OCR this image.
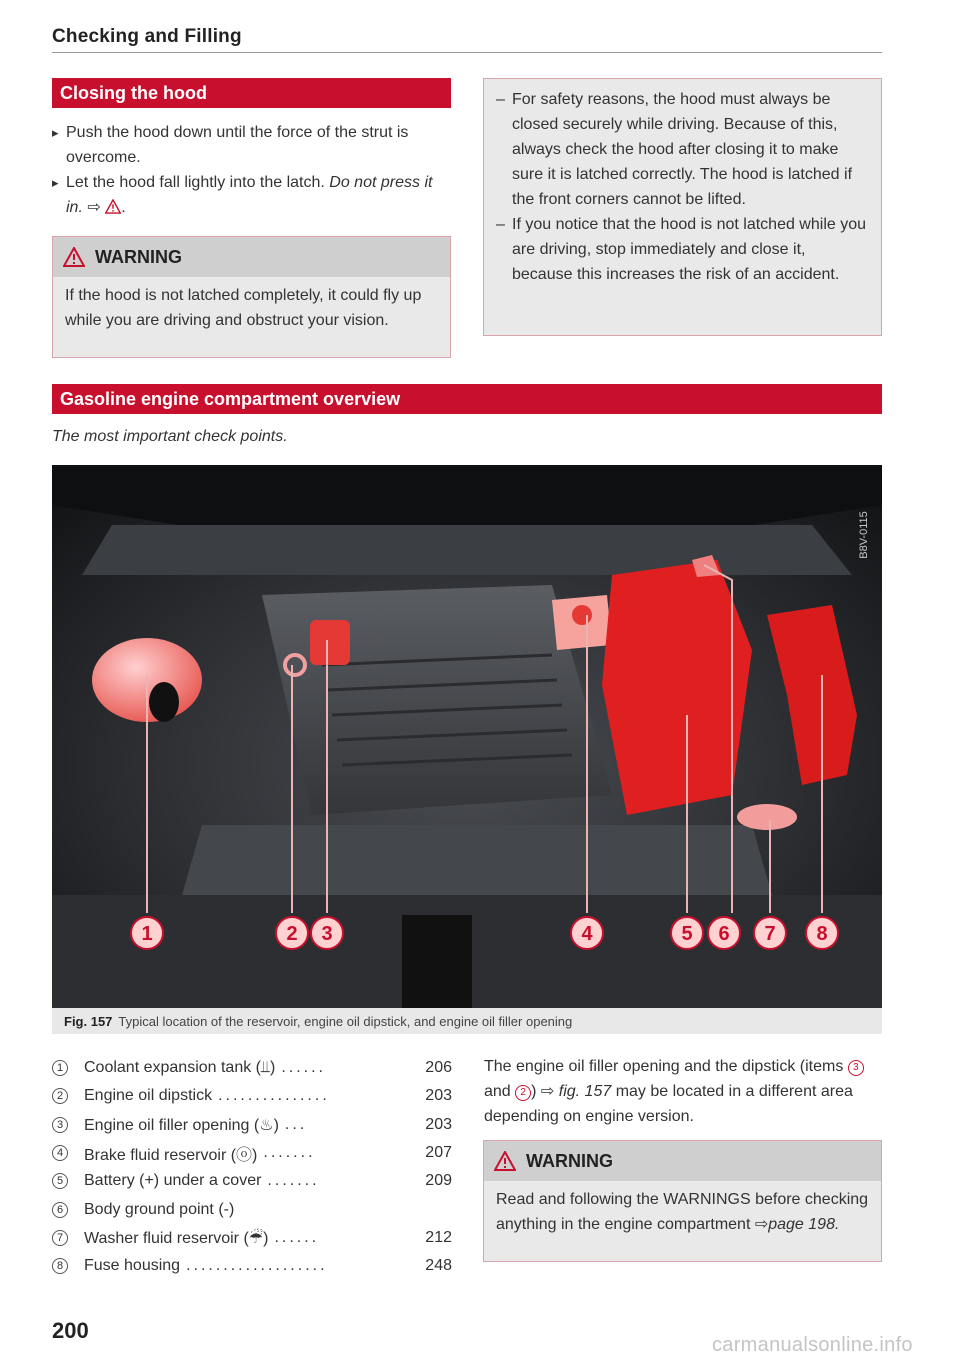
Checking and Filling
Closing the hood
▸ Push the hood down until the force of the strut is overcome.
▸ Let the hood fall lightly into the latch. Do not press it in. ⇨ .
WARNING
If the hood is not latched completely, it could fly up while you are driving and obstruct your vision.
– For safety reasons, the hood must always be closed securely while driving. Because of this, always check the hood after closing it to make sure it is latched correctly. The hood is latched if the front corners cannot be lifted.
– If you notice that the hood is not latched while you are driving, stop immediately and close it, because this increases the risk of an accident.
Gasoline engine compartment overview
The most important check points.
1	2 3	4	5 6 7 8
B8V-0115
Fig. 157 Typical location of the reservoir, engine oil dipstick, and engine oil filler opening
1	Coolant expansion tank (⫫) ......	206
2	Engine oil dipstick ...............	203
3	Engine oil filler opening (♨) ...	203
4	Brake fluid reservoir (ⓞ) .......	207
5	Battery (+) under a cover .......	209
6	Body ground point (-)
7	Washer fluid reservoir (☔) ......	212
8	Fuse housing ...................	248
The engine oil filler opening and the dipstick (items 3 and 2 ) ⇨ fig. 157 may be located in a different area depending on engine version.
WARNING
Read and following the WARNINGS before checking anything in the engine compartment ⇨page 198.
200
carmanualsonline.info
